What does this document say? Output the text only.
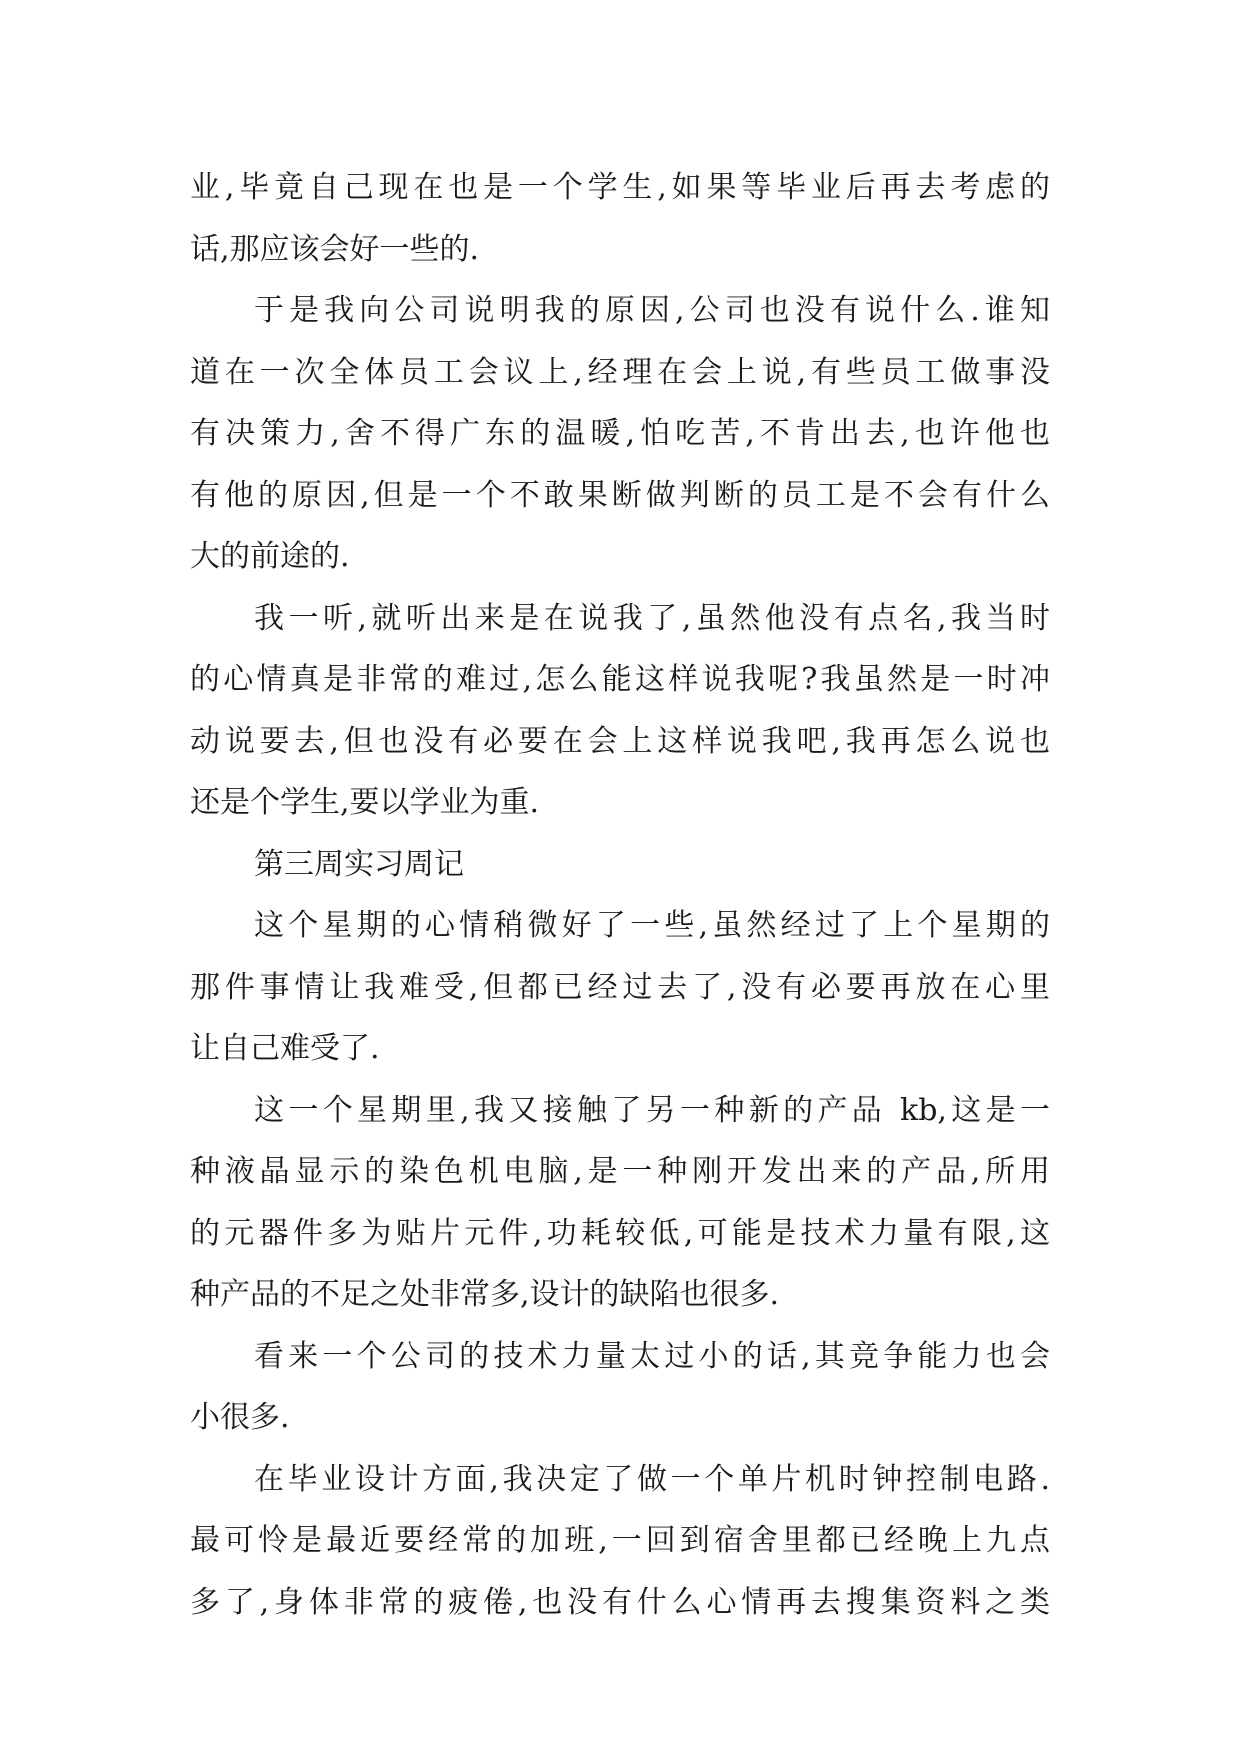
业,毕竟自己现在也是一个学生,如果等毕业后再去考虑的
话,那应该会好一些的.
于是我向公司说明我的原因,公司也没有说什么.谁知
道在一次全体员工会议上,经理在会上说,有些员工做事没
有决策力,舍不得广东的温暖,怕吃苦,不肯出去,也许他也
有他的原因,但是一个不敢果断做判断的员工是不会有什么
大的前途的.
我一听,就听出来是在说我了,虽然他没有点名,我当时
的心情真是非常的难过,怎么能这样说我呢?我虽然是一时冲
动说要去,但也没有必要在会上这样说我吧,我再怎么说也
还是个学生,要以学业为重.
第三周实习周记
这个星期的心情稍微好了一些,虽然经过了上个星期的
那件事情让我难受,但都已经过去了,没有必要再放在心里
让自己难受了.
这一个星期里,我又接触了另一种新的产品 kb,这是一
种液晶显示的染色机电脑,是一种刚开发出来的产品,所用
的元器件多为贴片元件,功耗较低,可能是技术力量有限,这
种产品的不足之处非常多,设计的缺陷也很多.
看来一个公司的技术力量太过小的话,其竞争能力也会
小很多.
在毕业设计方面,我决定了做一个单片机时钟控制电路.
最可怜是最近要经常的加班,一回到宿舍里都已经晚上九点
多了,身体非常的疲倦,也没有什么心情再去搜集资料之类
